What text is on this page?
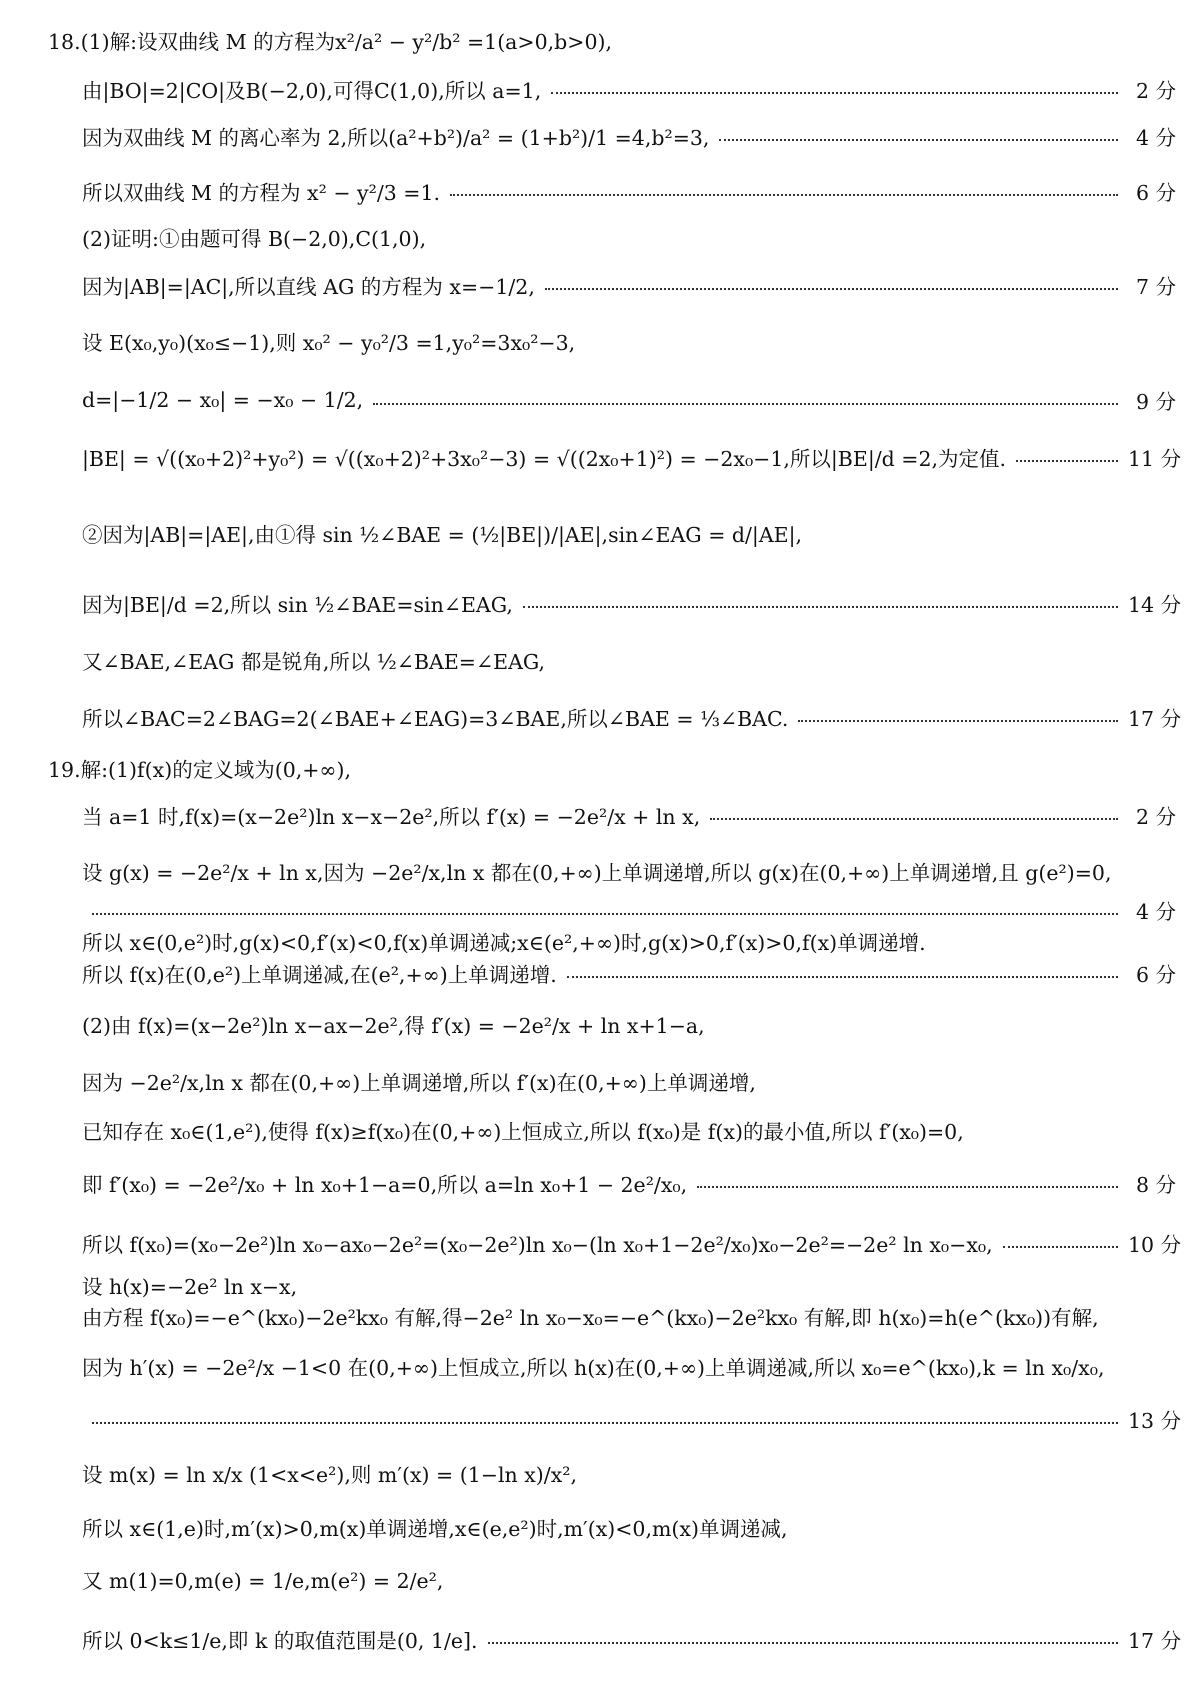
18.(1)解:设双曲线 M 的方程为x²/a² − y²/b² =1(a>0,b>0),
由|BO|=2|CO|及B(−2,0),可得C(1,0),所以 a=1,	2 分
因为双曲线 M 的离心率为 2,所以(a²+b²)/a² = (1+b²)/1 =4,b²=3,	4 分
所以双曲线 M 的方程为 x² − y²/3 =1.	6 分
(2)证明:①由题可得 B(−2,0),C(1,0),
因为|AB|=|AC|,所以直线 AG 的方程为 x=−1/2,	7 分
设 E(x₀,y₀)(x₀≤−1),则 x₀² − y₀²/3 =1,y₀²=3x₀²−3,
d=|−1/2 − x₀| = −x₀ − 1/2,	9 分
|BE| = √((x₀+2)²+y₀²) = √((x₀+2)²+3x₀²−3) = √((2x₀+1)²) = −2x₀−1,所以|BE|/d =2,为定值.	11 分
②因为|AB|=|AE|,由①得 sin ½∠BAE = (½|BE|)/|AE|,sin∠EAG = d/|AE|,
因为|BE|/d =2,所以 sin ½∠BAE=sin∠EAG,	14 分
又∠BAE,∠EAG 都是锐角,所以 ½∠BAE=∠EAG,
所以∠BAC=2∠BAG=2(∠BAE+∠EAG)=3∠BAE,所以∠BAE = ⅓∠BAC.	17 分
19.解:(1)f(x)的定义域为(0,+∞),
当 a=1 时,f(x)=(x−2e²)ln x−x−2e²,所以 f′(x) = −2e²/x + ln x,	2 分
设 g(x) = −2e²/x + ln x,因为 −2e²/x,ln x 都在(0,+∞)上单调递增,所以 g(x)在(0,+∞)上单调递增,且 g(e²)=0,
4 分
所以 x∈(0,e²)时,g(x)<0,f′(x)<0,f(x)单调递减;x∈(e²,+∞)时,g(x)>0,f′(x)>0,f(x)单调递增.
所以 f(x)在(0,e²)上单调递减,在(e²,+∞)上单调递增.	6 分
(2)由 f(x)=(x−2e²)ln x−ax−2e²,得 f′(x) = −2e²/x + ln x+1−a,
因为 −2e²/x,ln x 都在(0,+∞)上单调递增,所以 f′(x)在(0,+∞)上单调递增,
已知存在 x₀∈(1,e²),使得 f(x)≥f(x₀)在(0,+∞)上恒成立,所以 f(x₀)是 f(x)的最小值,所以 f′(x₀)=0,
即 f′(x₀) = −2e²/x₀ + ln x₀+1−a=0,所以 a=ln x₀+1 − 2e²/x₀,	8 分
所以 f(x₀)=(x₀−2e²)ln x₀−ax₀−2e²=(x₀−2e²)ln x₀−(ln x₀+1−2e²/x₀)x₀−2e²=−2e² ln x₀−x₀,	10 分
设 h(x)=−2e² ln x−x,
由方程 f(x₀)=−e^(kx₀)−2e²kx₀ 有解,得−2e² ln x₀−x₀=−e^(kx₀)−2e²kx₀ 有解,即 h(x₀)=h(e^(kx₀))有解,
因为 h′(x) = −2e²/x −1<0 在(0,+∞)上恒成立,所以 h(x)在(0,+∞)上单调递减,所以 x₀=e^(kx₀),k = ln x₀/x₀,
13 分
设 m(x) = ln x/x (1<x<e²),则 m′(x) = (1−ln x)/x²,
所以 x∈(1,e)时,m′(x)>0,m(x)单调递增,x∈(e,e²)时,m′(x)<0,m(x)单调递减,
又 m(1)=0,m(e) = 1/e,m(e²) = 2/e²,
所以 0<k≤1/e,即 k 的取值范围是(0, 1/e].	17 分
